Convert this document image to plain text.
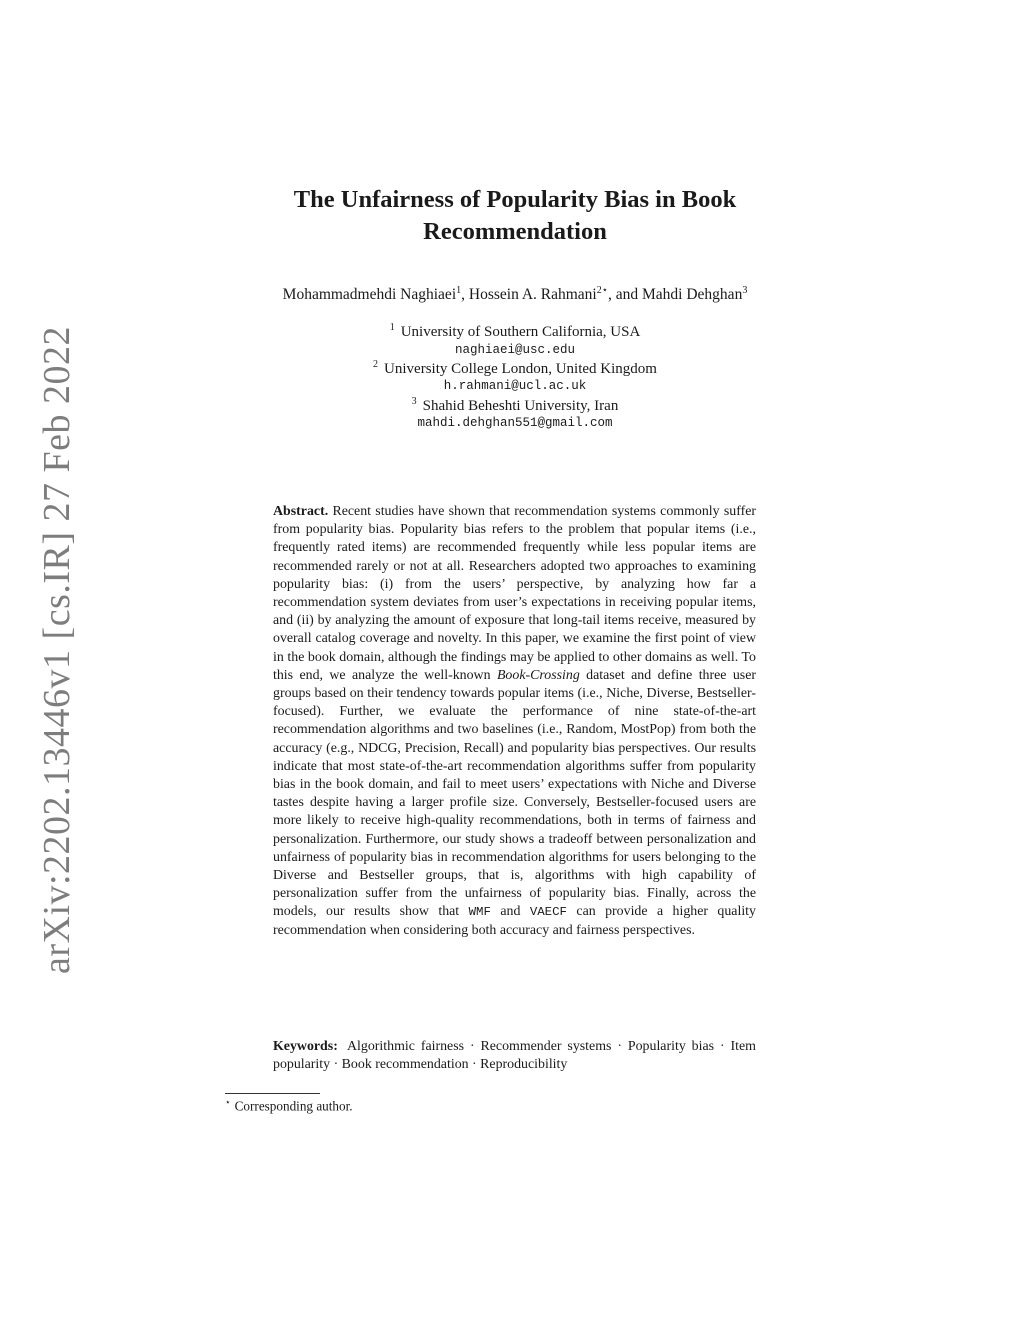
arXiv:2202.13446v1 [cs.IR] 27 Feb 2022
The Unfairness of Popularity Bias in Book
Recommendation
Mohammadmehdi Naghiaei$^1$, Hossein A. Rahmani$^{2⋆}$, and Mahdi Dehghan$^3$
$^1$ University of Southern California, USA
naghiaei@usc.edu
$^2$ University College London, United Kingdom
h.rahmani@ucl.ac.uk
$^3$ Shahid Beheshti University, Iran
mahdi.dehghan551@gmail.com
Abstract. Recent studies have shown that recommendation systems commonly suffer from popularity bias. Popularity bias refers to the problem that popular items (i.e., frequently rated items) are recommended frequently while less popular items are recommended rarely or not at all. Researchers adopted two approaches to examining popularity bias: (i) from the users’ perspective, by analyzing how far a recommendation system deviates from user’s expectations in receiving popular items, and (ii) by analyzing the amount of exposure that long-tail items receive, measured by overall catalog coverage and novelty. In this paper, we examine the first point of view in the book domain, although the findings may be applied to other domains as well. To this end, we analyze the well-known Book-Crossing dataset and define three user groups based on their tendency towards popular items (i.e., Niche, Diverse, Bestseller-focused). Further, we evaluate the performance of nine state-of-the-art recommendation algorithms and two baselines (i.e., Random, MostPop) from both the accuracy (e.g., NDCG, Precision, Recall) and popularity bias perspectives. Our results indicate that most state-of-the-art recommendation algorithms suffer from popularity bias in the book domain, and fail to meet users’ expectations with Niche and Diverse tastes despite having a larger profile size. Conversely, Bestseller-focused users are more likely to receive high-quality recommendations, both in terms of fairness and personalization. Furthermore, our study shows a tradeoff between personalization and unfairness of popularity bias in recommendation algorithms for users belonging to the Diverse and Bestseller groups, that is, algorithms with high capability of personalization suffer from the unfairness of popularity bias. Finally, across the models, our results show that WMF and VAECF can provide a higher quality recommendation when considering both accuracy and fairness perspectives.
Keywords: Algorithmic fairness · Recommender systems · Popularity bias · Item popularity · Book recommendation · Reproducibility
⋆ Corresponding author.
